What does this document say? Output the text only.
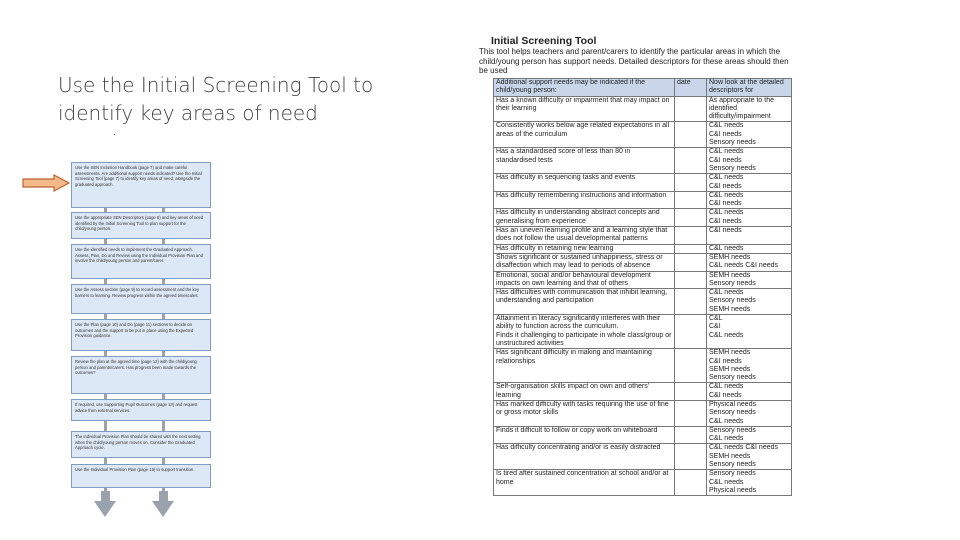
Use the Initial Screening Tool to identify key areas of need
.
Use the SEN Inclusion Handbook (page 7) and make careful assessments. Are additional support needs indicated? Use the Initial Screening Tool (page 7) to identify key areas of need, alongside the graduated approach.
Use the appropriate SEN Descriptors (page 8) and key areas of need identified by the Initial Screening Tool to plan support for the child/young person.
Use the identified needs to implement the Graduated Approach. Assess, Plan, Do and Review using the Individual Provision Plan and involve the child/young person and parent/carer.
Use the Assess section (page 9) to record assessment and the key barriers to learning. Review progress within the agreed timescales.
Use the Plan (page 10) and Do (page 11) sections to decide on outcomes and the support to be put in place using the Expected Provision guidance.
Review the plan at the agreed time (page 12) with the child/young person and parents/carers. Has progress been made towards the outcomes?
If required, use Supporting Pupil Outcomes (page 13) and request advice from external services.
The Individual Provision Plan should be shared with the next setting when the child/young person moves on. Consider the Graduated Approach cycle.
Use the Individual Provision Plan (page 15) to support transition.
Initial Screening Tool
This tool helps teachers and parent/carers to identify the particular areas in which the child/young person has support needs. Detailed descriptors for these areas should then be used
Additional support needs may be indicated if the child/young person:	date	Now look at the detailed descriptors for
Has a known difficulty or impairment that may impact on their learning		As appropriate to the identified difficulty/impairment
Consistently works below age related expectations in all areas of the curriculum		C&L needs
C&I needs
Sensory needs
Has a standardised score of less than 80 in standardised tests		C&L needs
C&I needs
Sensory needs
Has difficulty in sequencing tasks and events		C&L needs
C&I needs
Has difficulty remembering instructions and information		C&L needs
C&I needs
Has difficulty in understanding abstract concepts and generalising from experience		C&L needs
C&I needs
Has an uneven learning profile and a learning style that does not follow the usual developmental patterns		C&I needs
Has difficulty in retaining new learning		C&L needs
Shows significant or sustained unhappiness, stress or disaffection which may lead to periods of absence		SEMH needs
C&L needs C&I needs
Emotional, social and/or behavioural development impacts on own learning and that of others		SEMH needs
Sensory needs
Has difficulties with communication that inhibit learning, understanding and participation		C&L needs
Sensory needs
SEMH needs
Attainment in literacy significantly interferes with their ability to function across the curriculum.
Finds it challenging to participate in whole class/group or unstructured activities		C&L
C&I
C&L needs
Has significant difficulty in making and maintaining relationships		SEMH needs
C&I needs
SEMH needs
Sensory needs
Self-organisation skills impact on own and others' learning		C&L needs
C&I needs
Has marked difficulty with tasks requiring the use of fine or gross motor skills		Physical needs
Sensory needs
C&L needs
Finds it difficult to follow or copy work on whiteboard		Sensory needs
C&L needs
Has difficulty concentrating and/or is easily distracted		C&L needs C&I needs
SEMH needs
Sensory needs
Is tired after sustained concentration at school and/or at home		Sensory needs
C&L needs
Physical needs
